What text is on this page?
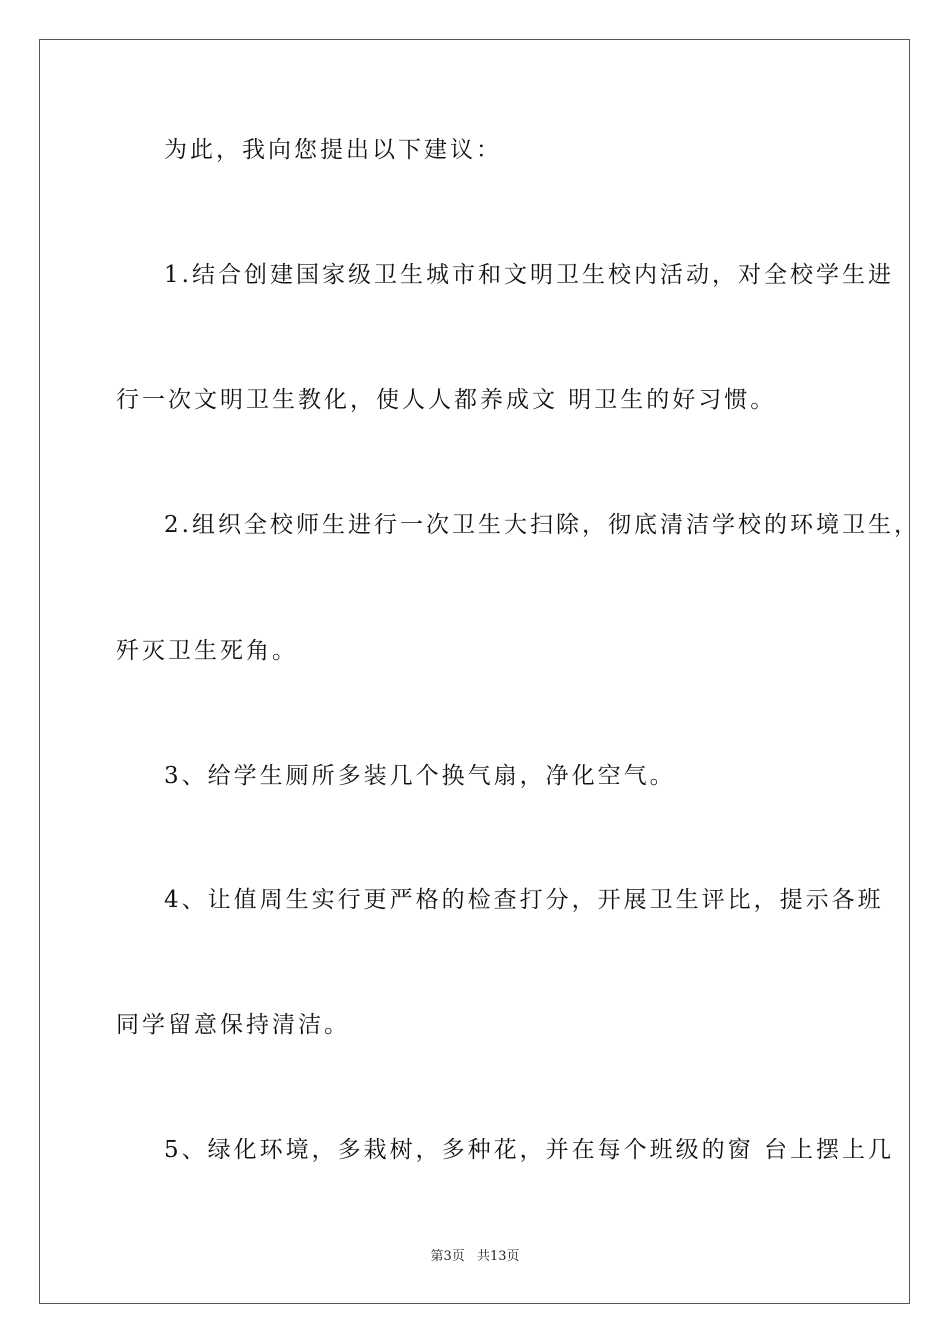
为此，我向您提出以下建议：
1.结合创建国家级卫生城市和文明卫生校内活动，对全校学生进
行一次文明卫生教化，使人人都养成文 明卫生的好习惯。
2.组织全校师生进行一次卫生大扫除，彻底清洁学校的环境卫生，
歼灭卫生死角。
3、给学生厕所多装几个换气扇，净化空气。
4、让值周生实行更严格的检查打分，开展卫生评比，提示各班
同学留意保持清洁。
5、绿化环境，多栽树，多种花，并在每个班级的窗 台上摆上几
第3页 共13页
